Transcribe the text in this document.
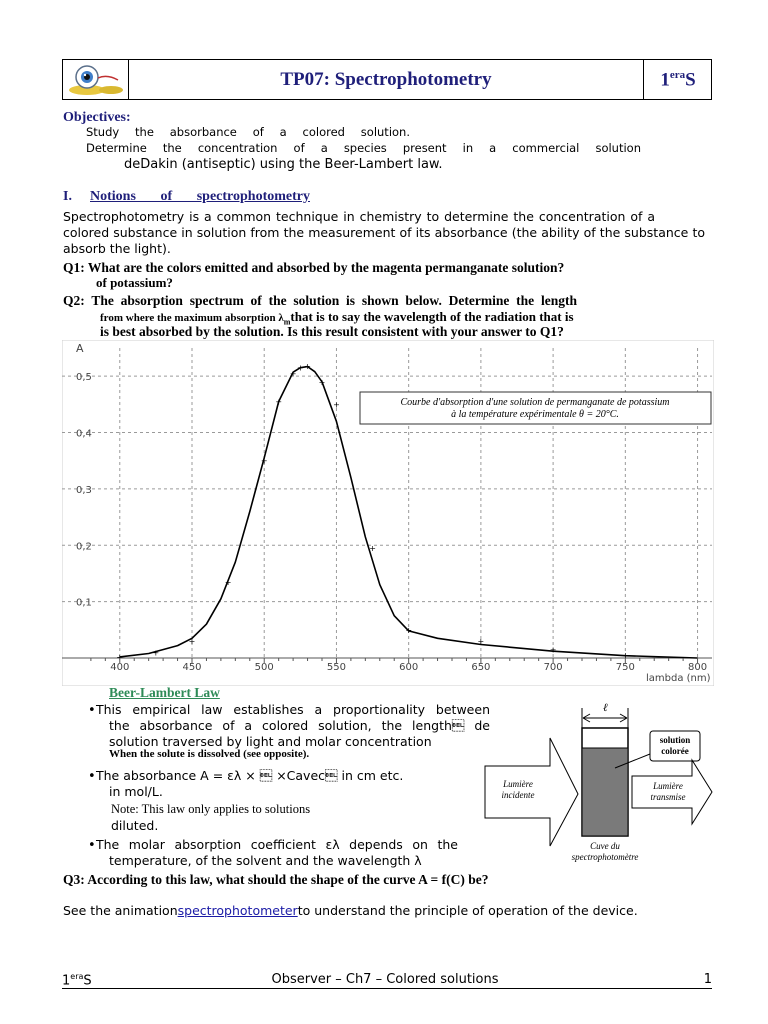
TP07: Spectrophotometry	$1^{era}S$
Objectives:
Study the absorbance of a colored solution.
Determine the concentration of a species present in a commercial solution
deDakin (antiseptic) using the Beer-Lambert law.
I. Notions of spectrophotometry
Spectrophotometry is a common technique in chemistry to determine the concentration of a
colored substance in solution from the measurement of its absorbance (the ability of the substance to
absorb the light).
Q1: What are the colors emitted and absorbed by the magenta permanganate solution?
of potassium?
Q2: The absorption spectrum of the solution is shown below. Determine the length
from where the maximum absorption $\lambda_mthat$ is to say the wavelength of the radiation that is
is best absorbed by the solution. Is this result consistent with your answer to Q1?
+
+
+
+
+
+
+
+ +
+
+
+
+
+
+
+
400	450	500	550	600	650	700	750	800
0,1
0,2
0,3
0,4
0,5
A
lambda (nm)
Courbe d'absorption d'une solution de permanganate de potassium
à la température expérimentale θ = 20°C.
Beer-Lambert Law
• This empirical law establishes a proportionality between
the absorbance of a colored solution, the length de
solution traversed by light and molar concentration
When the solute is dissolved (see opposite).
• The absorbance A = ελ ×  ×Cavec in cm etc.
in mol/L.
Note: This law only applies to solutions
diluted.
• The molar absorption coefficient ελ depends on the
temperature, of the solvent and the wavelength λ
Q3: According to this law, what should the shape of the curve A = f(C) be?
ℓ
solution
colorée
Lumière
incidente
Lumière
transmise
Cuve du
spectrophotomètre
See the animationspectrophotometerto understand the principle of operation of the device.
$1^{era}S$	Observer – Ch7 – Colored solutions	1
